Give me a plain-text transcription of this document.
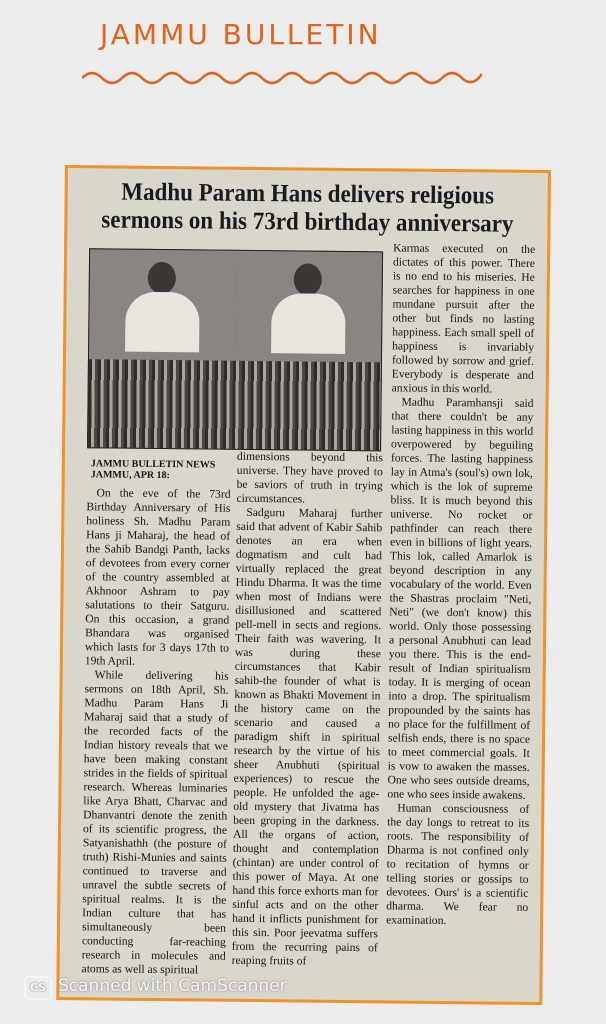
JAMMU BULLETIN
Madhu Param Hans delivers religious sermons on his 73rd birthday anniversary
JAMMU BULLETIN NEWS
JAMMU, APR 18:

On the eve of the 73rd Birthday Anniversary of His holiness Sh. Madhu Param Hans ji Maharaj, the head of the Sahib Bandgi Panth, lacks of devotees from every corner of the country assembled at Akhnoor Ashram to pay salutations to their Satguru. On this occasion, a grand Bhandara was organised which lasts for 3 days 17th to 19th April.

While delivering his sermons on 18th April, Sh. Madhu Param Hans Ji Maharaj said that a study of the recorded facts of the Indian history reveals that we have been making constant strides in the fields of spiritual research. Whereas luminaries like Arya Bhatt, Charvac and Dhanvantri denote the zenith of its scientific progress, the Satyanishathh (the posture of truth) Rishi-Munies and saints continued to traverse and unravel the subtle secrets of spiritual realms. It is the Indian culture that has simultaneously been conducting far-reaching research in molecules and atoms as well as spiritual

dimensions beyond this universe. They have proved to be saviors of truth in trying circumstances.

Sadguru Maharaj further said that advent of Kabir Sahib denotes an era when dogmatism and cult had virtually replaced the great Hindu Dharma. It was the time when most of Indians were disillusioned and scattered pell-mell in sects and regions. Their faith was wavering. It was during these circumstances that Kabir sahib-the founder of what is known as Bhakti Movement in the history came on the scenario and caused a paradigm shift in spiritual research by the virtue of his sheer Anubhuti (spiritual experiences) to rescue the people. He unfolded the age-old mystery that Jivatma has been groping in the darkness. All the organs of action, thought and contemplation (chintan) are under control of this power of Maya. At one hand this force exhorts man for sinful acts and on the other hand it inflicts punishment for this sin. Poor jeevatma suffers from the recurring pains of reaping fruits of

Karmas executed on the dictates of this power. There is no end to his miseries. He searches for happiness in one mundane pursuit after the other but finds no lasting happiness. Each small spell of happiness is invariably followed by sorrow and grief. Everybody is desperate and anxious in this world.

Madhu Paramhansji said that there couldn't be any lasting happiness in this world overpowered by beguiling forces. The lasting happiness lay in Atma's (soul's) own lok, which is the lok of supreme bliss. It is much beyond this universe. No rocket or pathfinder can reach there even in billions of light years. This lok, called Amarlok is beyond description in any vocabulary of the world. Even the Shastras proclaim "Neti, Neti" (we don't know) this world. Only those possessing a personal Anubhuti can lead you there. This is the end-result of Indian spiritualism today. It is merging of ocean into a drop. The spiritualism propounded by the saints has no place for the fulfillment of selfish ends, there is no space to meet commercial goals. It is vow to awaken the masses. One who sees outside dreams, one who sees inside awakens.

Human consciousness of the day longs to retreat to its roots. The responsibility of Dharma is not confined only to recitation of hymns or telling stories or gossips to devotees. Ours' is a scientific dharma. We fear no examination.

CS Scanned with CamScanner
